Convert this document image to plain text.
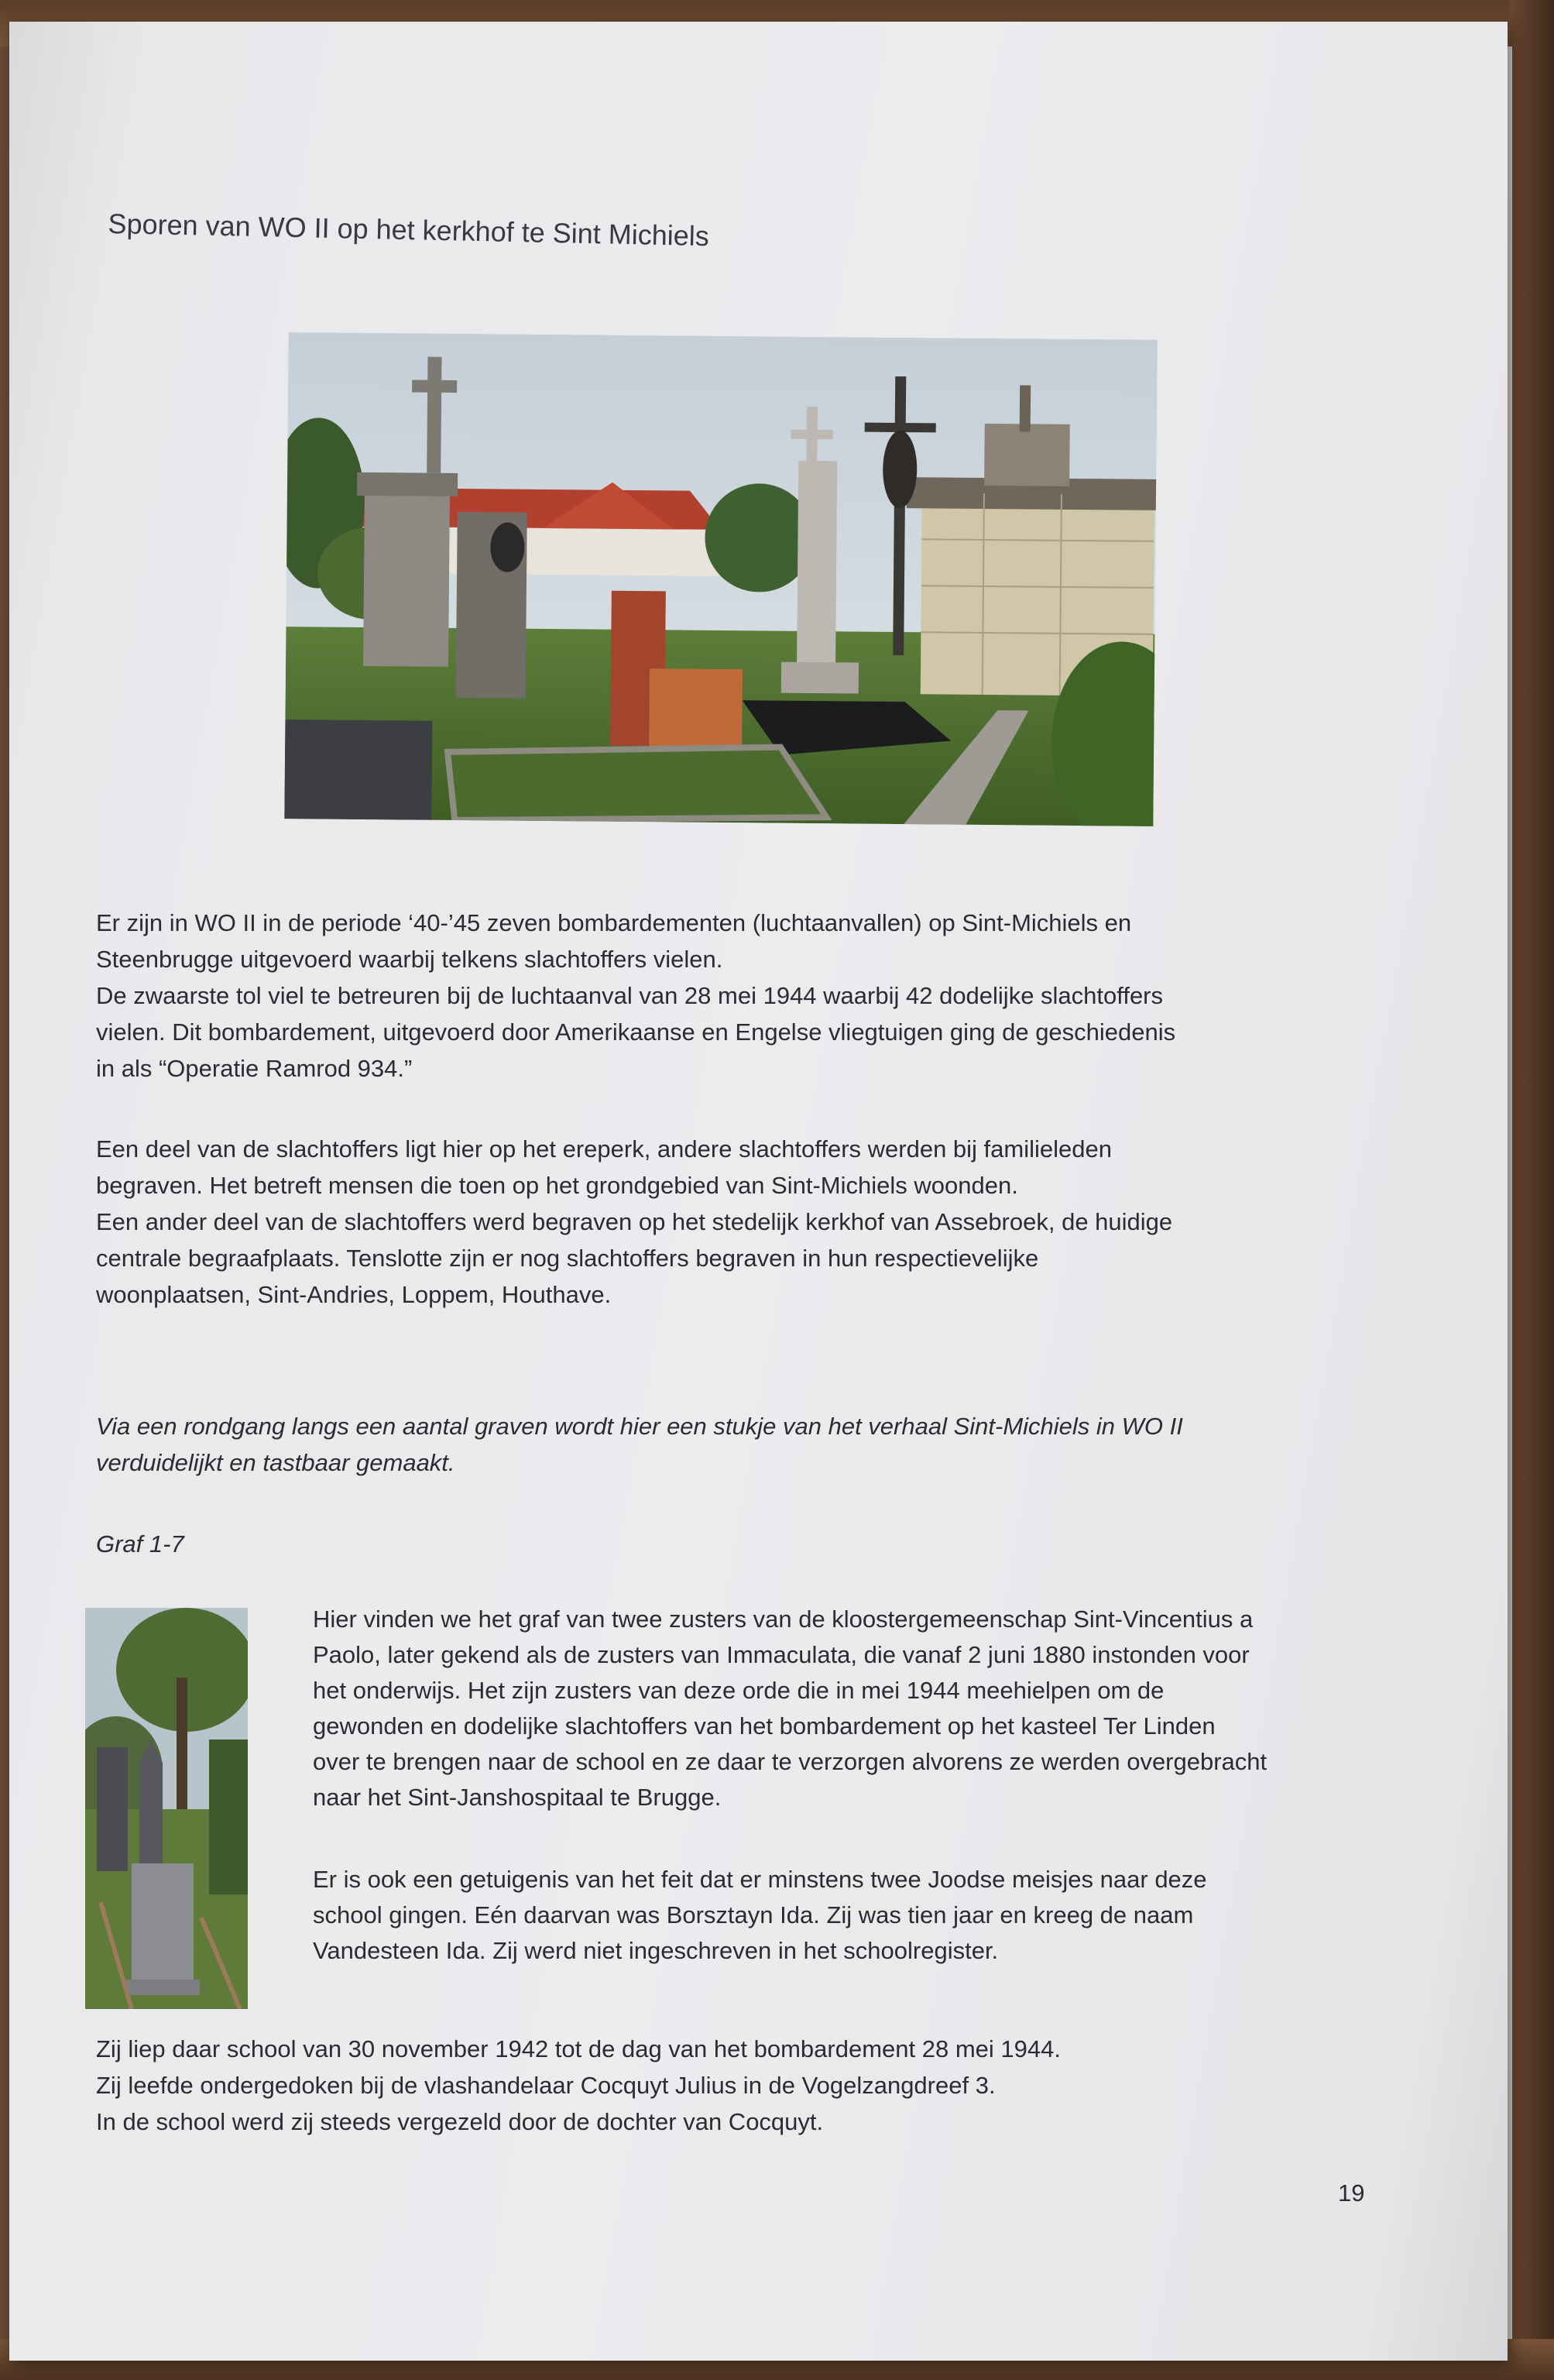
Sporen van WO II op het kerkhof te Sint Michiels

Er zijn in WO II in de periode ‘40-’45 zeven bombardementen (luchtaanvallen) op Sint-Michiels en

Steenbrugge uitgevoerd waarbij telkens slachtoffers vielen.

De zwaarste tol viel te betreuren bij de luchtaanval van 28 mei 1944 waarbij 42 dodelijke slachtoffers

vielen. Dit bombardement, uitgevoerd door Amerikaanse en Engelse vliegtuigen ging de geschiedenis

in als “Operatie Ramrod 934.”

Een deel van de slachtoffers ligt hier op het ereperk, andere slachtoffers werden bij familieleden

begraven. Het betreft mensen die toen op het grondgebied van Sint-Michiels woonden.

Een ander deel van de slachtoffers werd begraven op het stedelijk kerkhof van Assebroek, de huidige

centrale begraafplaats. Tenslotte zijn er nog slachtoffers begraven in hun respectievelijke

woonplaatsen, Sint-Andries, Loppem, Houthave.

Via een rondgang langs een aantal graven wordt hier een stukje van het verhaal Sint-Michiels in WO II

verduidelijkt en tastbaar gemaakt.

Graf 1-7

Hier vinden we het graf van twee zusters van de kloostergemeenschap Sint-Vincentius a

Paolo, later gekend als de zusters van Immaculata, die vanaf 2 juni 1880 instonden voor

het onderwijs. Het zijn zusters van deze orde die in mei 1944 meehielpen om de

gewonden en dodelijke slachtoffers van het bombardement op het kasteel Ter Linden

over te brengen naar de school en ze daar te verzorgen alvorens ze werden overgebracht

naar het Sint-Janshospitaal te Brugge.

Er is ook een getuigenis van het feit dat er minstens twee Joodse meisjes naar deze

school gingen. Eén daarvan was Borsztayn Ida. Zij was tien jaar en kreeg de naam

Vandesteen Ida. Zij werd niet ingeschreven in het schoolregister.

Zij liep daar school van 30 november 1942 tot de dag van het bombardement 28 mei 1944.

Zij leefde ondergedoken bij de vlashandelaar Cocquyt Julius in de Vogelzangdreef 3.

In de school werd zij steeds vergezeld door de dochter van Cocquyt.

19
